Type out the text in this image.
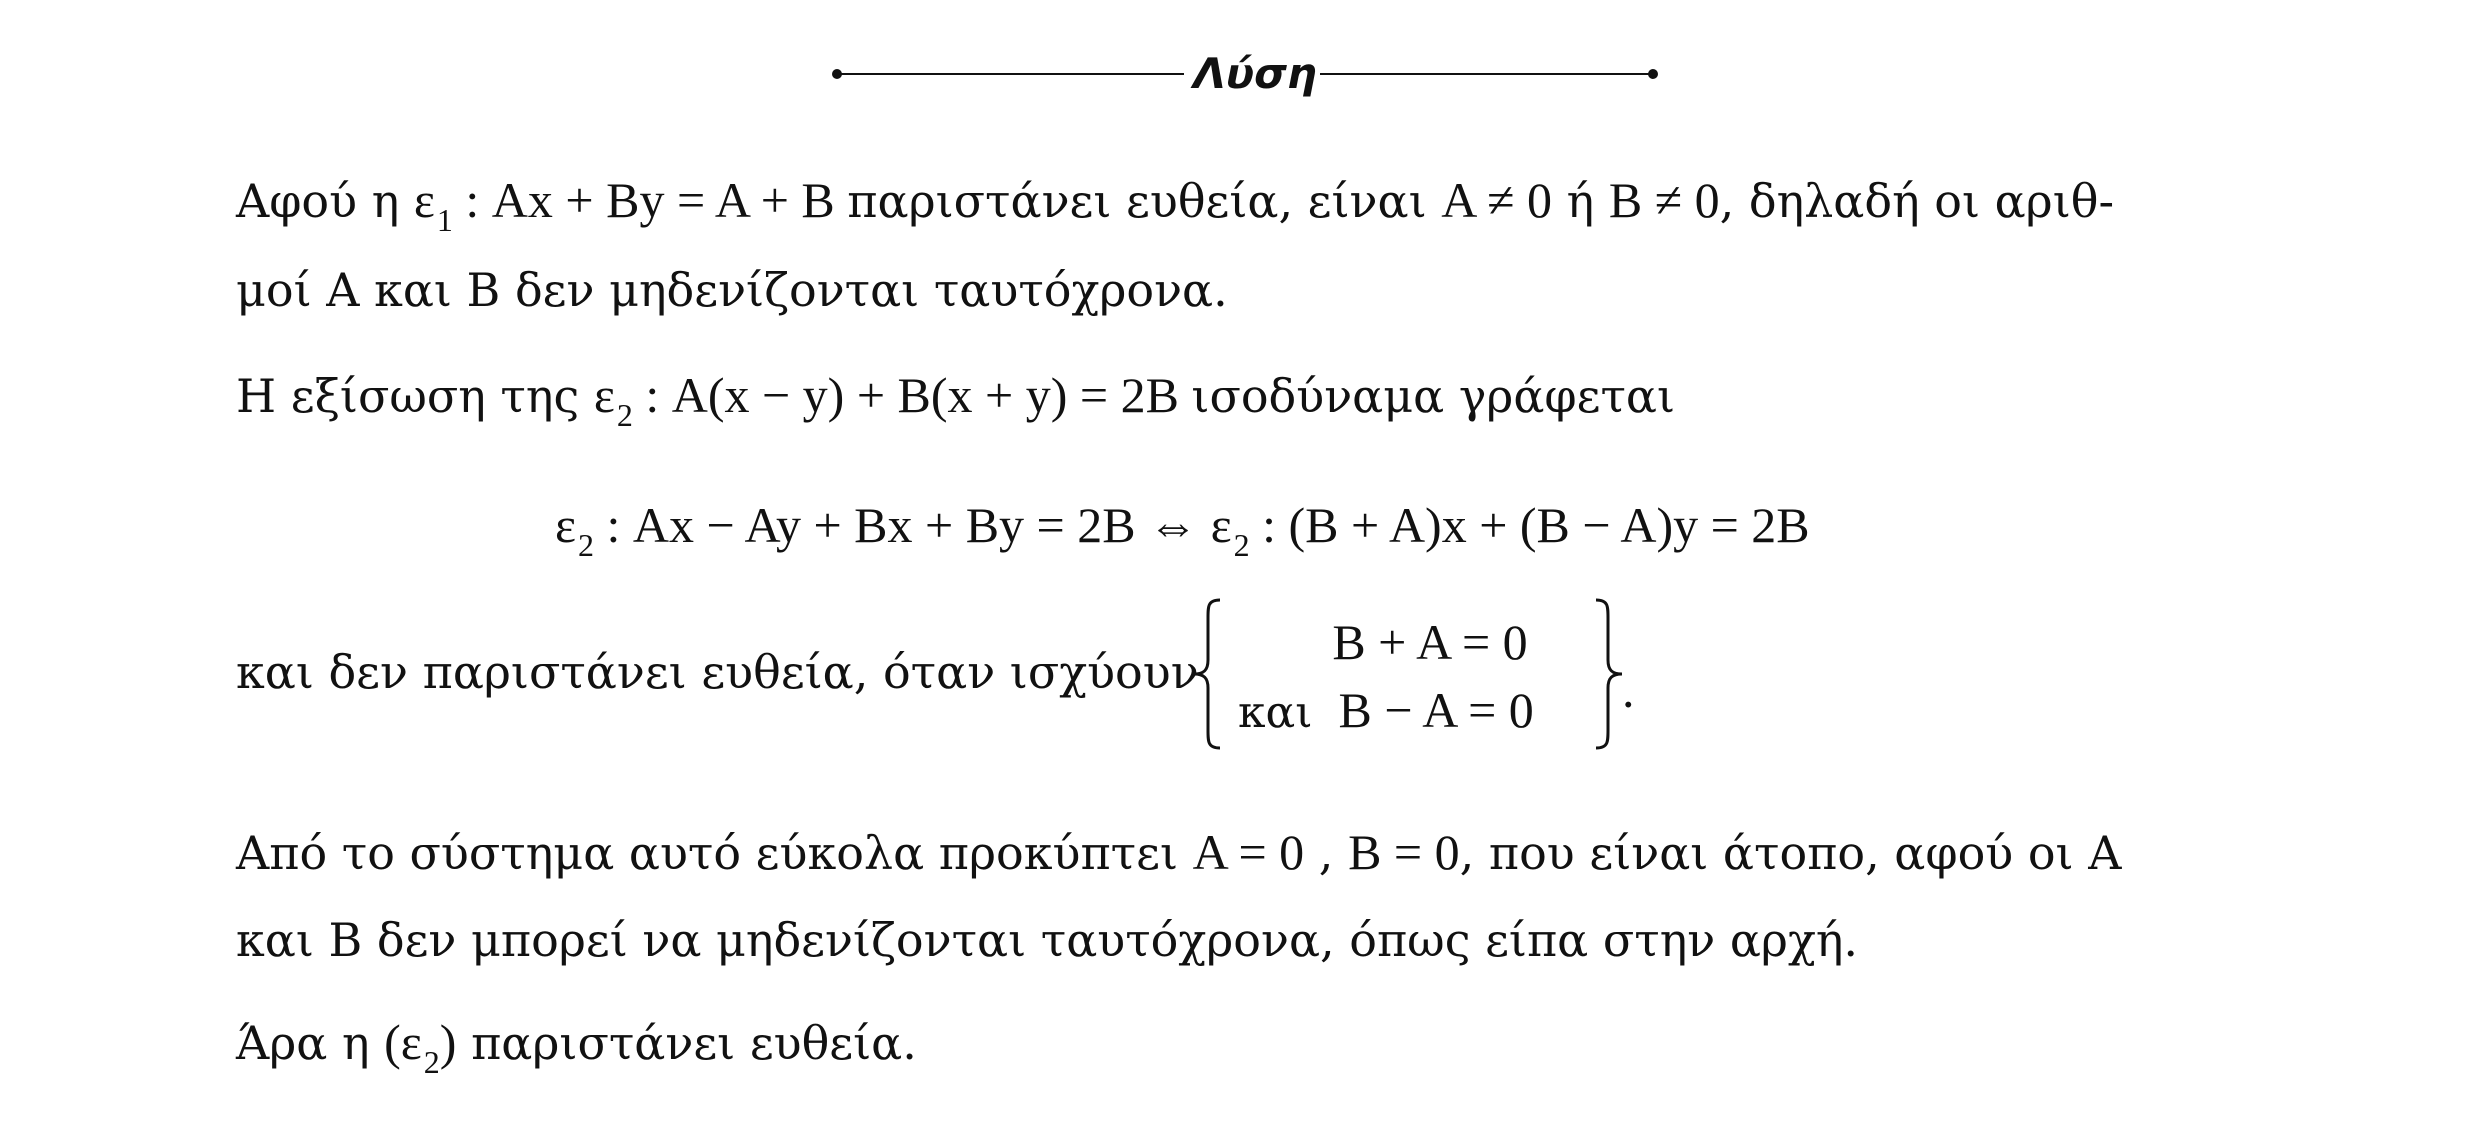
Λύση
Αφού η $\varepsilon_1$ : Ax + By = A + B παριστάνει ευθεία, είναι A ≠ 0 ή B ≠ 0, δηλαδή οι αριθ-
μοί A και B δεν μηδενίζονται ταυτόχρονα.
Η εξίσωση της $\varepsilon_2$ : A(x − y) + B(x + y) = 2B ισοδύναμα γράφεται
$\varepsilon_2$ : Ax − Ay + Bx + By = 2B ⇔ $\varepsilon_2$ : (B + A)x + (B − A)y = 2B
και δεν παριστάνει ευθεία, όταν ισχύουν
B + A = 0
και B − A = 0 .
Από το σύστημα αυτό εύκολα προκύπτει A = 0 , B = 0, που είναι άτοπο, αφού οι A
και B δεν μπορεί να μηδενίζονται ταυτόχρονα, όπως είπα στην αρχή.
Άρα η $(\varepsilon_2)$ παριστάνει ευθεία.
